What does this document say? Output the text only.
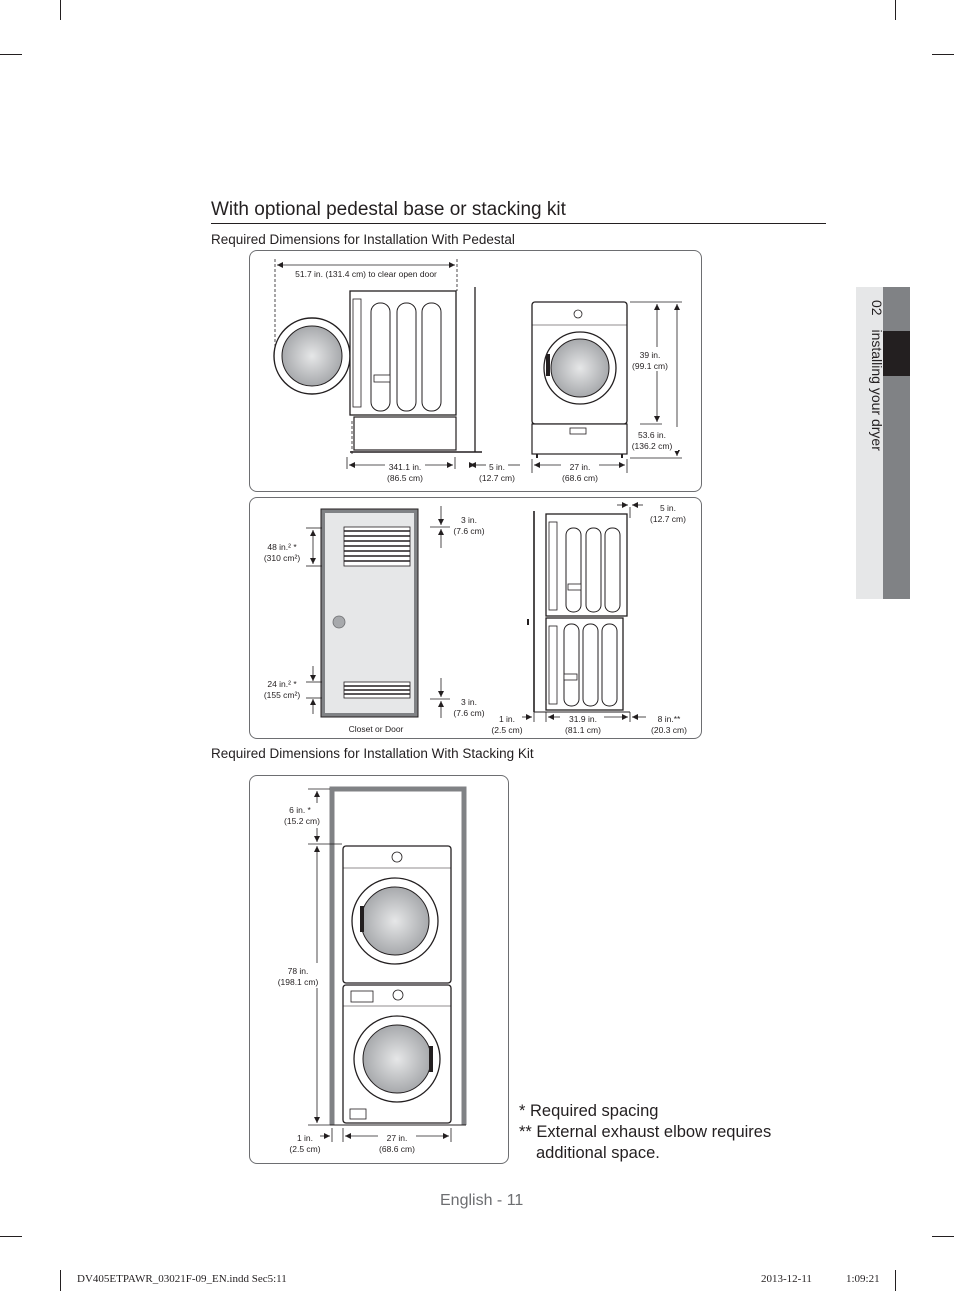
02 installing your dryer
With optional pedestal base or stacking kit
Required Dimensions for Installation With Pedestal
51.7 in. (131.4 cm) to clear open door
341.1 in.
(86.5 cm)
5 in.
(12.7 cm)
27 in.
(68.6 cm)
39 in.
(99.1 cm)
53.6 in.
(136.2 cm)
Closet or Door
48 in.² *
(310 cm²)
24 in.² *
(155 cm²)
3 in.
(7.6 cm)
3 in.
(7.6 cm)
5 in.
(12.7 cm)
1 in.
(2.5 cm)
31.9 in.
(81.1 cm)
8 in.**
(20.3 cm)
Required Dimensions for Installation With Stacking Kit
6 in. *
(15.2 cm)
78 in.
(198.1 cm)
1 in.
(2.5 cm)
27 in.
(68.6 cm)
* Required spacing
** External exhaust elbow requires
additional space.
English - 11
DV405ETPAWR_03021F-09_EN.indd Sec5:11	2013-12-11	1:09:21
